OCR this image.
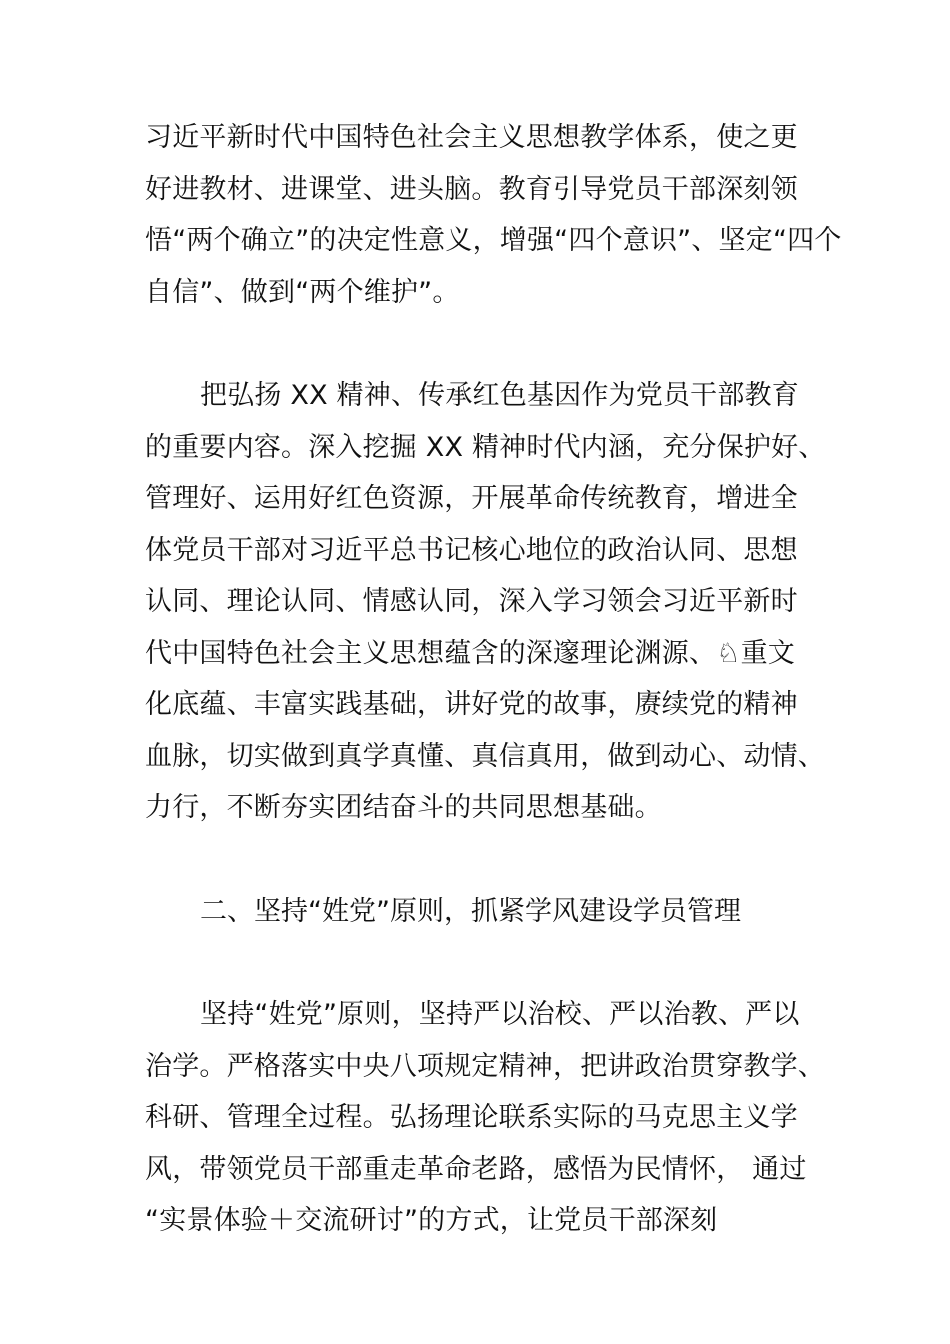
习近平新时代中国特色社会主义思想教学体系，使之更
好进教材、进课堂、进头脑。教育引导党员干部深刻领
悟“两个确立”的决定性意义，增强“四个意识”、坚定“四个
自信”、做到“两个维护”。

把弘扬 XX 精神、传承红色基因作为党员干部教育
的重要内容。深入挖掘 XX 精神时代内涵，充分保护好、
管理好、运用好红色资源，开展革命传统教育，增进全
体党员干部对习近平总书记核心地位的政治认同、思想
认同、理论认同、情感认同，深入学习领会习近平新时
代中国特色社会主义思想蕴含的深邃理论渊源、♘重文
化底蕴、丰富实践基础，讲好党的故事，赓续党的精神
血脉，切实做到真学真懂、真信真用，做到动心、动情、
力行，不断夯实团结奋斗的共同思想基础。

二、坚持“姓党”原则，抓紧学风建设学员管理

坚持“姓党”原则，坚持严以治校、严以治教、严以
治学。严格落实中央八项规定精神，把讲政治贯穿教学、
科研、管理全过程。弘扬理论联系实际的马克思主义学
风，带领党员干部重走革命老路，感悟为民情怀， 通过
“实景体验＋交流研讨”的方式，让党员干部深刻
